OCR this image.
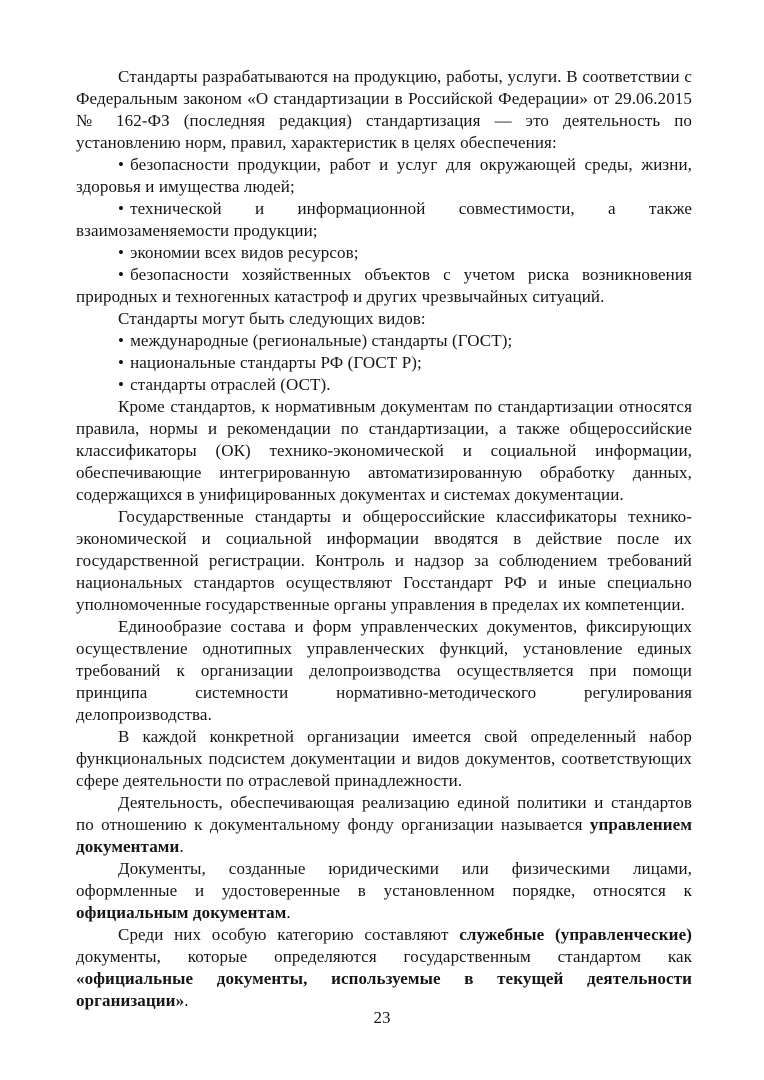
Стандарты разрабатываются на продукцию, работы, услуги. В соответствии с Федеральным законом «О стандартизации в Российской Федерации» от 29.06.2015 № 162-ФЗ (последняя редакция) стандартизация — это деятельность по установлению норм, правил, характеристик в целях обеспечения:

• безопасности продукции, работ и услуг для окружающей среды, жизни, здоровья и имущества людей;

• технической и информационной совместимости, а также взаимозаменяемости продукции;

• экономии всех видов ресурсов;

• безопасности хозяйственных объектов с учетом риска возникновения природных и техногенных катастроф и других чрезвычайных ситуаций.

Стандарты могут быть следующих видов:

• международные (региональные) стандарты (ГОСТ);

• национальные стандарты РФ (ГОСТ Р);

• стандарты отраслей (ОСТ).

Кроме стандартов, к нормативным документам по стандартизации относятся правила, нормы и рекомендации по стандартизации, а также общероссийские классификаторы (ОК) технико-экономической и социальной информации, обеспечивающие интегрированную автоматизированную обработку данных, содержащихся в унифицированных документах и системах документации.

Государственные стандарты и общероссийские классификаторы технико-экономической и социальной информации вводятся в действие после их государственной регистрации. Контроль и надзор за соблюдением требований национальных стандартов осуществляют Госстандарт РФ и иные специально уполномоченные государственные органы управления в пределах их компетенции.

Единообразие состава и форм управленческих документов, фиксирующих осуществление однотипных управленческих функций, установление единых требований к организации делопроизводства осуществляется при помощи принципа системности нормативно-методического регулирования делопроизводства.

В каждой конкретной организации имеется свой определенный набор функциональных подсистем документации и видов документов, соответствующих сфере деятельности по отраслевой принадлежности.

Деятельность, обеспечивающая реализацию единой политики и стандартов по отношению к документальному фонду организации называется управлением документами.

Документы, созданные юридическими или физическими лицами, оформленные и удостоверенные в установленном порядке, относятся к официальным документам.

Среди них особую категорию составляют служебные (управленческие) документы, которые определяются государственным стандартом как «официальные документы, используемые в текущей деятельности организации».

23
